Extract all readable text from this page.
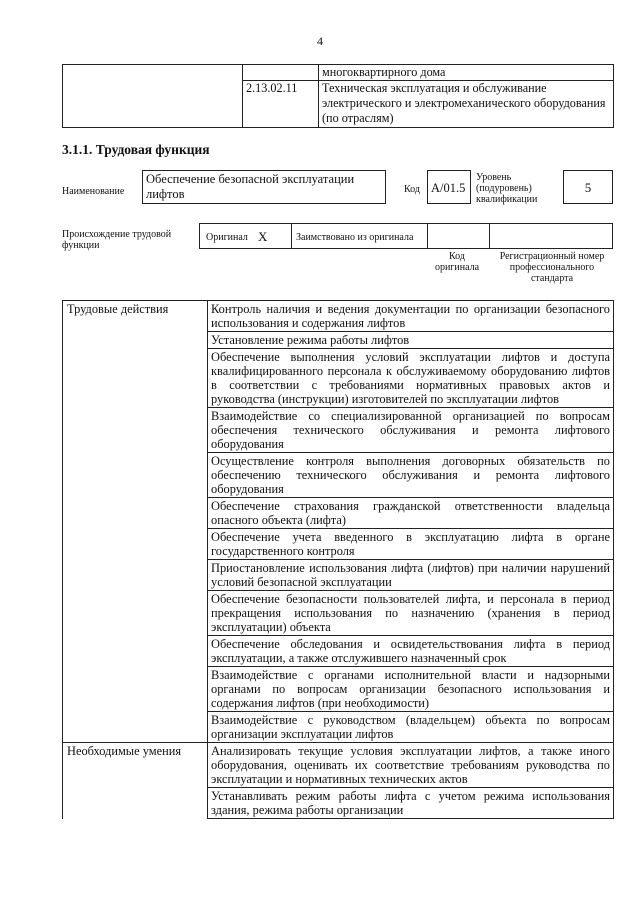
4
		многоквартирного дома
	2.13.02.11	Техническая эксплуатация и обслуживание электрического и электромеханического оборудования (по отраслям)
3.1.1. Трудовая функция
Наименование
Обеспечение безопасной эксплуатации лифтов	Код A/01.5
Уровень (подуровень) квалификации
5
Происхождение трудовой функции
Оригинал X	Заимствовано из оригинала
Код оригинала
Регистрационный номер профессионального стандарта
Трудовые действия	Контроль наличия и ведения документации по организации безопасного использования и содержания лифтов
	Установление режима работы лифтов
	Обеспечение выполнения условий эксплуатации лифтов и доступа квалифицированного персонала к обслуживаемому оборудованию лифтов в соответствии с требованиями нормативных правовых актов и руководства (инструкции) изготовителей по эксплуатации лифтов
	Взаимодействие со специализированной организацией по вопросам обеспечения технического обслуживания и ремонта лифтового оборудования
	Осуществление контроля выполнения договорных обязательств по обеспечению технического обслуживания и ремонта лифтового оборудования
	Обеспечение страхования гражданской ответственности владельца опасного объекта (лифта)
	Обеспечение учета введенного в эксплуатацию лифта в органе государственного контроля
	Приостановление использования лифта (лифтов) при наличии нарушений условий безопасной эксплуатации
	Обеспечение безопасности пользователей лифта, и персонала в период прекращения использования по назначению (хранения в период эксплуатации) объекта
	Обеспечение обследования и освидетельствования лифта в период эксплуатации, а также отслужившего назначенный срок
	Взаимодействие с органами исполнительной власти и надзорными органами по вопросам организации безопасного использования и содержания лифтов (при необходимости)
	Взаимодействие с руководством (владельцем) объекта по вопросам организации эксплуатации лифтов
Необходимые умения	Анализировать текущие условия эксплуатации лифтов, а также иного оборудования, оценивать их соответствие требованиям руководства по эксплуатации и нормативных технических актов
	Устанавливать режим работы лифта с учетом режима использования здания, режима работы организации
